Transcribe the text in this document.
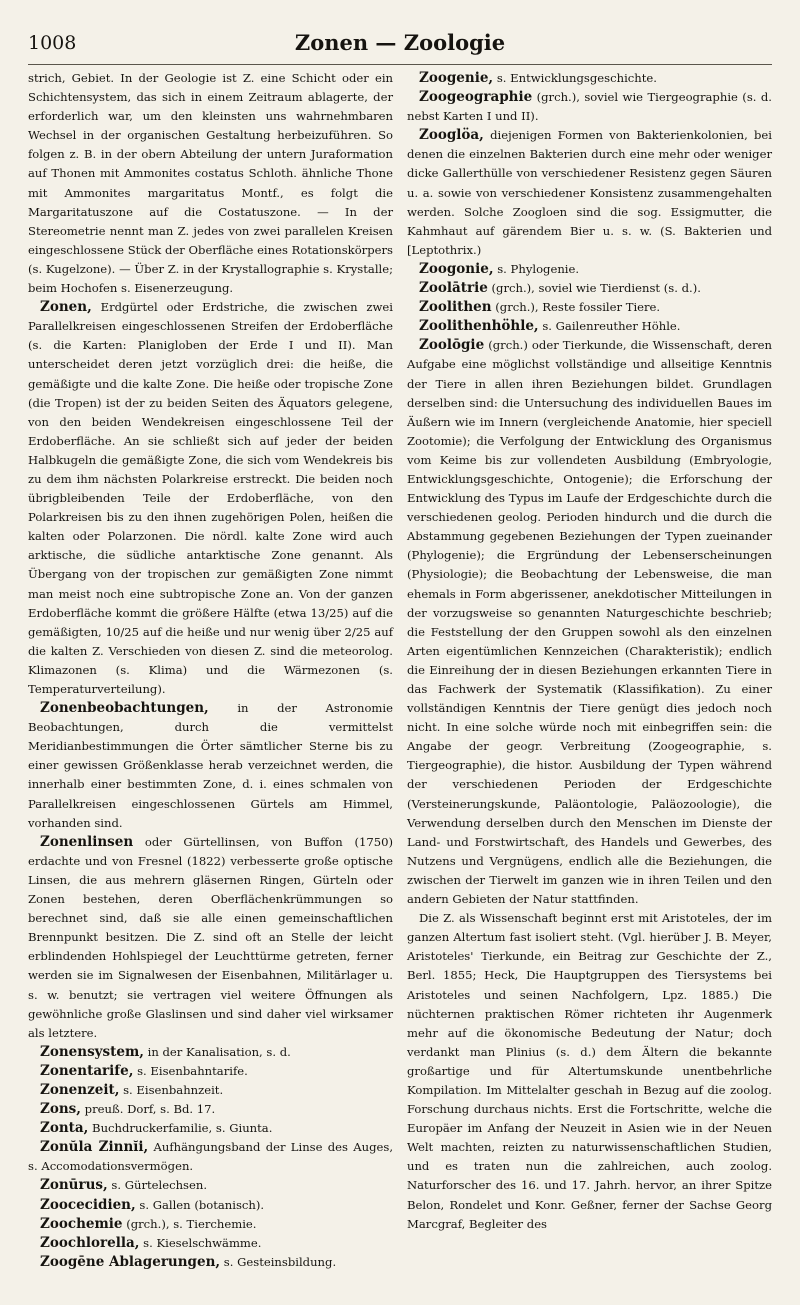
1008	Zonen — Zoologie

strich, Gebiet. In der Geologie ist Z. eine Schicht oder ein Schichtensystem, das sich in einem Zeitraum ablagerte, der erforderlich war, um den kleinsten uns wahrnehmbaren Wechsel in der organischen Gestaltung herbeizuführen. So folgen z. B. in der obern Abteilung der untern Juraformation auf Thonen mit Ammonites costatus Schloth. ähnliche Thone mit Ammonites margaritatus Montf., es folgt die Margaritatuszone auf die Costatuszone. — In der Stereometrie nennt man Z. jedes von zwei parallelen Kreisen eingeschlossene Stück der Oberfläche eines Rotationskörpers (s. Kugelzone). — Über Z. in der Krystallographie s. Krystalle; beim Hochofen s. Eisenerzeugung.

Zonen, Erdgürtel oder Erdstriche, die zwischen zwei Parallelkreisen eingeschlossenen Streifen der Erdoberfläche (s. die Karten: Planigloben der Erde I und II). Man unterscheidet deren jetzt vorzüglich drei: die heiße, die gemäßigte und die kalte Zone. Die heiße oder tropische Zone (die Tropen) ist der zu beiden Seiten des Äquators gelegene, von den beiden Wendekreisen eingeschlossene Teil der Erdoberfläche. An sie schließt sich auf jeder der beiden Halbkugeln die gemäßigte Zone, die sich vom Wendekreis bis zu dem ihm nächsten Polarkreise erstreckt. Die beiden noch übrigbleibenden Teile der Erdoberfläche, von den Polarkreisen bis zu den ihnen zugehörigen Polen, heißen die kalten oder Polarzonen. Die nördl. kalte Zone wird auch arktische, die südliche antarktische Zone genannt. Als Übergang von der tropischen zur gemäßigten Zone nimmt man meist noch eine subtropische Zone an. Von der ganzen Erdoberfläche kommt die größere Hälfte (etwa 13/25) auf die gemäßigten, 10/25 auf die heiße und nur wenig über 2/25 auf die kalten Z. Verschieden von diesen Z. sind die meteorolog. Klimazonen (s. Klima) und die Wärmezonen (s. Temperaturverteilung).

Zonenbeobachtungen, in der Astronomie Beobachtungen, durch die vermittelst Meridianbestimmungen die Örter sämtlicher Sterne bis zu einer gewissen Größenklasse herab verzeichnet werden, die innerhalb einer bestimmten Zone, d. i. eines schmalen von Parallelkreisen eingeschlossenen Gürtels am Himmel, vorhanden sind.

Zonenlinsen oder Gürtellinsen, von Buffon (1750) erdachte und von Fresnel (1822) verbesserte große optische Linsen, die aus mehrern gläsernen Ringen, Gürteln oder Zonen bestehen, deren Oberflächenkrümmungen so berechnet sind, daß sie alle einen gemeinschaftlichen Brennpunkt besitzen. Die Z. sind oft an Stelle der leicht erblindenden Hohlspiegel der Leuchttürme getreten, ferner werden sie im Signalwesen der Eisenbahnen, Militärlager u. s. w. benutzt; sie vertragen viel weitere Öffnungen als gewöhnliche große Glaslinsen und sind daher viel wirksamer als letztere.

Zonensystem, in der Kanalisation, s. d.

Zonentarife, s. Eisenbahntarife.

Zonenzeit, s. Eisenbahnzeit.

Zons, preuß. Dorf, s. Bd. 17.

Zonta, Buchdruckerfamilie, s. Giunta.

Zonŭla Zinnĭi, Aufhängungsband der Linse des Auges, s. Accomodationsvermögen.

Zonūrus, s. Gürtelechsen.

Zoocecidien, s. Gallen (botanisch).

Zoochemie (grch.), s. Tierchemie.

Zoochlorella, s. Kieselschwämme.

Zoogēne Ablagerungen, s. Gesteinsbildung.

Zoogenie, s. Entwicklungsgeschichte.

Zoogeographie (grch.), soviel wie Tiergeographie (s. d. nebst Karten I und II).

Zooglöa, diejenigen Formen von Bakterienkolonien, bei denen die einzelnen Bakterien durch eine mehr oder weniger dicke Gallerthülle von verschiedener Resistenz gegen Säuren u. a. sowie von verschiedener Konsistenz zusammengehalten werden. Solche Zoogloen sind die sog. Essigmutter, die Kahmhaut auf gärendem Bier u. s. w. (S. Bakterien und [Leptothrix.)

Zoogonie, s. Phylogenie.

Zoolātrie (grch.), soviel wie Tierdienst (s. d.).

Zoolithen (grch.), Reste fossiler Tiere.

Zoolithenhöhle, s. Gailenreuther Höhle.

Zoolōgie (grch.) oder Tierkunde, die Wissenschaft, deren Aufgabe eine möglichst vollständige und allseitige Kenntnis der Tiere in allen ihren Beziehungen bildet. Grundlagen derselben sind: die Untersuchung des individuellen Baues im Äußern wie im Innern (vergleichende Anatomie, hier speciell Zootomie); die Verfolgung der Entwicklung des Organismus vom Keime bis zur vollendeten Ausbildung (Embryologie, Entwicklungsgeschichte, Ontogenie); die Erforschung der Entwicklung des Typus im Laufe der Erdgeschichte durch die verschiedenen geolog. Perioden hindurch und die durch die Abstammung gegebenen Beziehungen der Typen zueinander (Phylogenie); die Ergründung der Lebenserscheinungen (Physiologie); die Beobachtung der Lebensweise, die man ehemals in Form abgerissener, anekdotischer Mitteilungen in der vorzugsweise so genannten Naturgeschichte beschrieb; die Feststellung der den Gruppen sowohl als den einzelnen Arten eigentümlichen Kennzeichen (Charakteristik); endlich die Einreihung der in diesen Beziehungen erkannten Tiere in das Fachwerk der Systematik (Klassifikation). Zu einer vollständigen Kenntnis der Tiere genügt dies jedoch noch nicht. In eine solche würde noch mit einbegriffen sein: die Angabe der geogr. Verbreitung (Zoogeographie, s. Tiergeographie), die histor. Ausbildung der Typen während der verschiedenen Perioden der Erdgeschichte (Versteinerungskunde, Paläontologie, Paläozoologie), die Verwendung derselben durch den Menschen im Dienste der Land- und Forstwirtschaft, des Handels und Gewerbes, des Nutzens und Vergnügens, endlich alle die Beziehungen, die zwischen der Tierwelt im ganzen wie in ihren Teilen und den andern Gebieten der Natur stattfinden.

Die Z. als Wissenschaft beginnt erst mit Aristoteles, der im ganzen Altertum fast isoliert steht. (Vgl. hierüber J. B. Meyer, Aristoteles' Tierkunde, ein Beitrag zur Geschichte der Z., Berl. 1855; Heck, Die Hauptgruppen des Tiersystems bei Aristoteles und seinen Nachfolgern, Lpz. 1885.) Die nüchternen praktischen Römer richteten ihr Augenmerk mehr auf die ökonomische Bedeutung der Natur; doch verdankt man Plinius (s. d.) dem Ältern die bekannte großartige und für Altertumskunde unentbehrliche Kompilation. Im Mittelalter geschah in Bezug auf die zoolog. Forschung durchaus nichts. Erst die Fortschritte, welche die Europäer im Anfang der Neuzeit in Asien wie in der Neuen Welt machten, reizten zu naturwissenschaftlichen Studien, und es traten nun die zahlreichen, auch zoolog. Naturforscher des 16. und 17. Jahrh. hervor, an ihrer Spitze Belon, Rondelet und Konr. Geßner, ferner der Sachse Georg Marcgraf, Begleiter des
